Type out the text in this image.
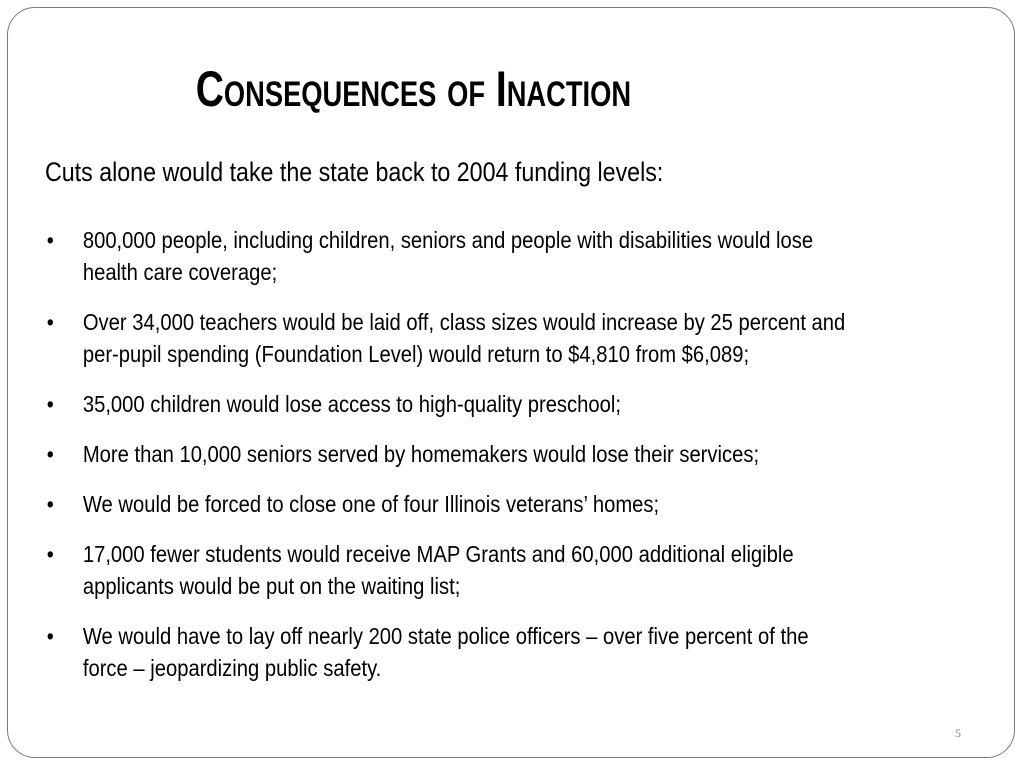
Consequences of Inaction
Cuts alone would take the state back to 2004 funding levels:
• 800,000 people, including children, seniors and people with disabilities would lose
health care coverage;
• Over 34,000 teachers would be laid off, class sizes would increase by 25 percent and
per-pupil spending (Foundation Level) would return to $4,810 from $6,089;
• 35,000 children would lose access to high-quality preschool;
• More than 10,000 seniors served by homemakers would lose their services;
• We would be forced to close one of four Illinois veterans’ homes;
• 17,000 fewer students would receive MAP Grants and 60,000 additional eligible
applicants would be put on the waiting list;
• We would have to lay off nearly 200 state police officers – over five percent of the
force – jeopardizing public safety.
5
